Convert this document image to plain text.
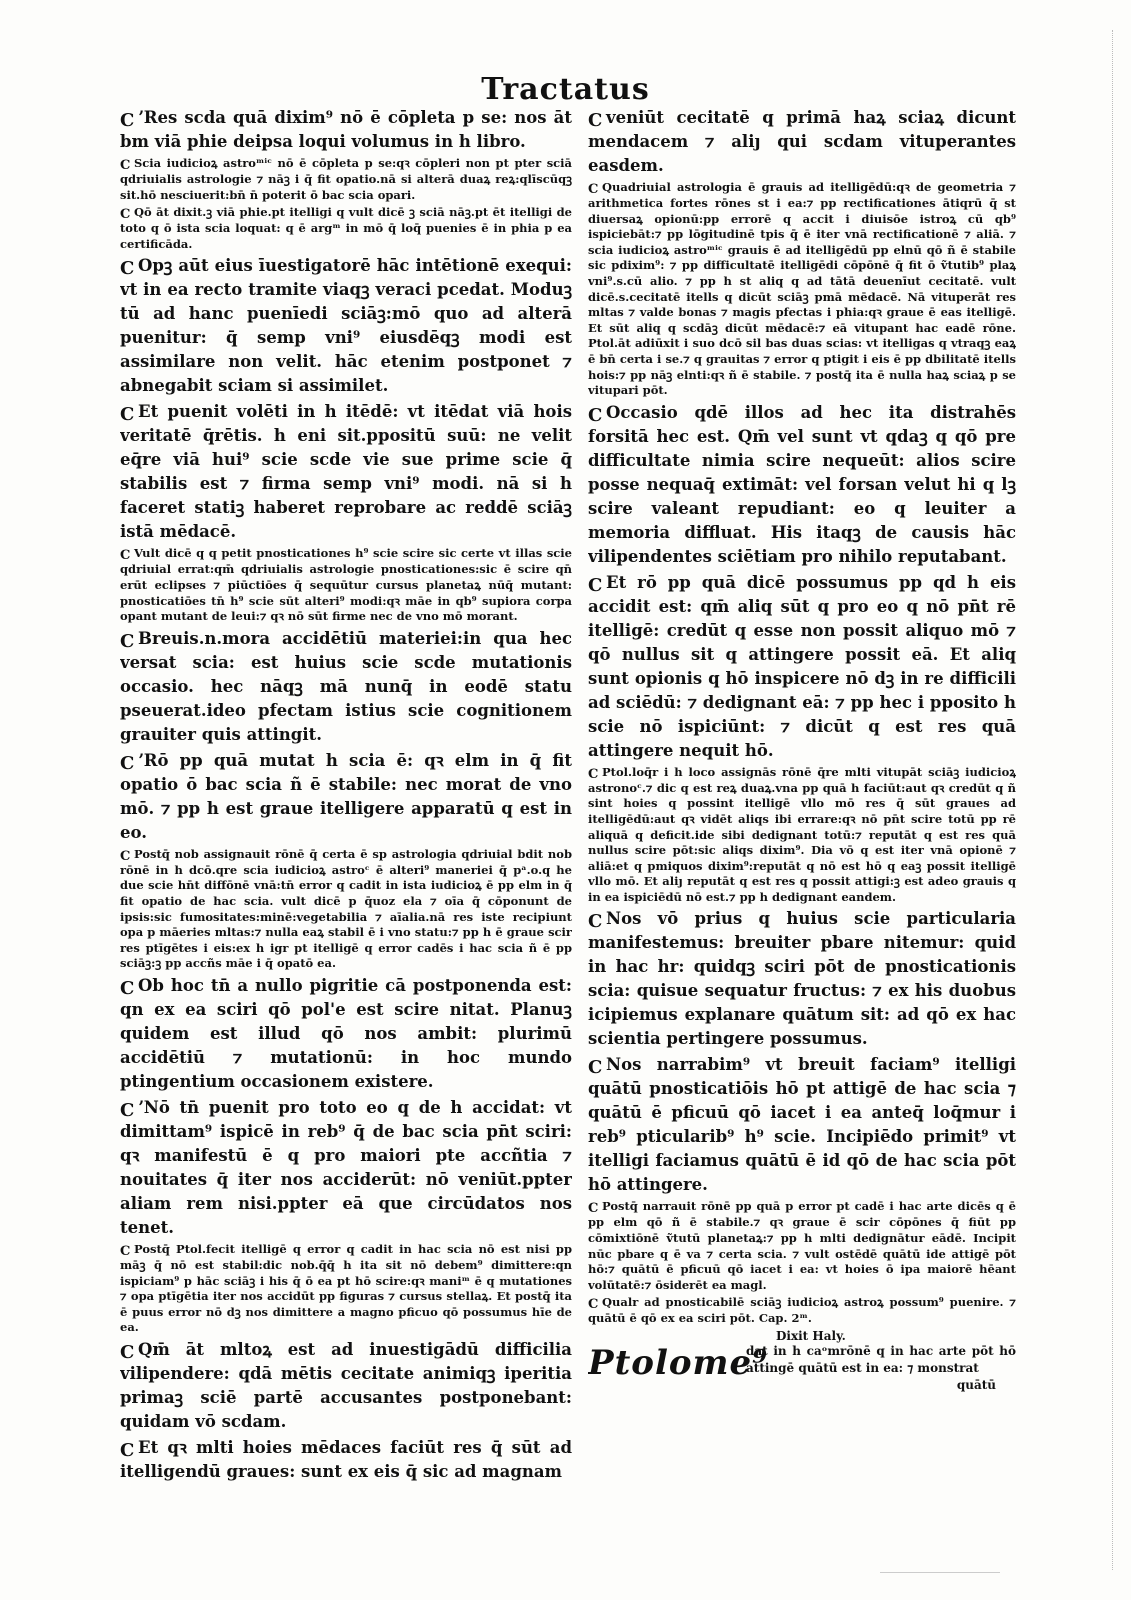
Tractatus

C ʼRes scda quā dixim⁹ nō ē cōpleta p se: nos āt bm viā phie deipsa loqui volumus in h libro.

C Scia iudicioꝝ astroᵐⁱᶜ nō ē cōpleta p se:qꝛ cōpleri non pt pter sciā qdriuialis astrologie ⁊ nāꝫ i q̄ fit opatio.nā si alterā duaꝝ reꝝ:qlīscūqꝫ sit.hō nesciuerit:bn̄ n̄ poterit ō bac scia opari.

C Qō āt dixit.ꝫ viā phie.pt itelligi q vult dicē ꝫ sciā nāꝫ.pt ēt itelligi de toto q ō ista scia loquat: q ē argᵐ in mō q̄ loq̄ puenies ē in phia p ea certificāda.

C Opꝫ aūt eius īuestigatorē hāc intētionē exequi: vt in ea recto tramite viaqꝫ veraci pcedat. Moduꝫ tū ad hanc puenīedi sciāꝫ:mō quo ad alterā puenitur: q̄ semp vni⁹ eiusdēqꝫ modi est assimilare non velit. hāc etenim postponet ⁊ abnegabit sciam si assimilet.

C Et puenit volēti in h itēdē: vt itēdat viā hois veritatē q̄rētis. h eni sit.ppositū suū: ne velit eq̄re viā hui⁹ scie scde vie sue prime scie q̄ stabilis est ⁊ firma semp vni⁹ modi. nā si h faceret statiꝫ haberet reprobare ac reddē sciāꝫ istā mēdacē.

C Vult dicē q q petit pnosticationes h⁹ scie scire sic certe vt illas scie qdriuial errat:qm̄ qdriuialis astrologie pnosticationes:sic ē scire qn̄ erūt eclipses ⁊ piūctiōes q̄ sequūtur cursus planetaꝝ nūq̄ mutant: pnosticatiōes tn̄ h⁹ scie sūt alteri⁹ modi:qꝛ māe in qb⁹ supiora corpa opant mutant de leui:⁊ qꝛ nō sūt firme nec de vno mō morant.

C Breuis.n.mora accidētiū materiei:in qua hec versat scia: est huius scie scde mutationis occasio. hec nāqꝫ mā nunq̄ in eodē statu pseuerat.ideo pfectam istius scie cognitionem grauiter quis attingit.

C ʼRō pp quā mutat h scia ē: qꝛ elm in q̄ fit opatio ō bac scia ñ ē stabile: nec morat de vno mō. ⁊ pp h est graue itelligere apparatū q est in eo.

C Postq̄ nob assignauit rōnē q̄ certa ē sp astrologia qdriuial bdit nob rōnē in h dcō.qre scia iudicioꝝ astroᶜ ē alteri⁹ maneriei q̄ pᵃ.o.q he due scie hn̄t diffōnē vnā:tn̄ error q cadit in ista iudicioꝝ ē pp elm in q̄ fit opatio de hac scia. vult dicē p q̄uoz ela ⁊ oīa q̄ cōponunt de ipsis:sic fumositates:minē:vegetabilia ⁊ aīalia.nā res iste recipiunt opa p māeries mltas:⁊ nulla eaꝝ stabil ē i vno statu:⁊ pp h ē graue scir res ptīgētes i eis:ex h igr pt itelligē q error cadēs i hac scia ñ ē pp sciāꝫ:ꝫ pp accñs māe i q̄ opatō ea.

C Ob hoc tn̄ a nullo pigritie cā postponenda est: qn ex ea sciri qō pol'e est scire nitat. Planuꝫ quidem est illud qō nos ambit: plurimū accidētiū ⁊ mutationū: in hoc mundo ptingentium occasionem existere.

C ʼNō tn̄ puenit pro toto eo q de h accidat: vt dimittam⁹ ispicē in reb⁹ q̄ de bac scia pn̄t sciri: qꝛ manifestū ē q pro maiori pte accñtia ⁊ nouitates q̄ iter nos acciderūt: nō veniūt.ppter aliam rem nisi.ppter eā que circūdatos nos tenet.

C Postq̄ Ptol.fecit itelligē q error q cadit in hac scia nō est nisi pp māꝫ q̄ nō est stabil:dic nob.q̄q̄ h ita sit nō debem⁹ dimittere:qn ispiciam⁹ p hāc sciāꝫ i his q̄ ō ea pt hō scire:qꝛ maniᵐ ē q mutationes ⁊ opa ptīgētia iter nos accidūt pp figuras ⁊ cursus stellaꝝ. Et postq̄ ita ē puus error nō dꝫ nos dimittere a magno pficuo qō possumus hīe de ea.

C Qm̄ āt mltoꝝ est ad inuestigādū difficilia vilipendere: qdā mētis cecitate animiqꝫ iperitia primaꝫ sciē partē accusantes postponebant: quidam vō scdam.

C Et qꝛ mlti hoies mēdaces faciūt res q̄ sūt ad itelligendū graues: sunt ex eis q̄ sic ad magnam

C veniūt cecitatē q primā haꝝ sciaꝝ dicunt mendacem ⁊ aliȷ qui scdam vituperantes easdem.

C Quadriuial astrologia ē grauis ad itelligēdū:qꝛ de geometria ⁊ arithmetica fortes rōnes st i ea:⁊ pp rectificationes ātiqrū q̄ st diuersaꝝ opionū:pp errorē q accit i diuisōe istroꝝ cū qb⁹ ispiciebāt:⁊ pp lōgitudinē tpis q̄ ē iter vnā rectificationē ⁊ aliā. ⁊ scia iudicioꝝ astroᵐⁱᶜ grauis ē ad itelligēdū pp elnū qō ñ ē stabile sic pdixim⁹: ⁊ pp difficultatē itelligēdi cōpōnē q̄ fit ō ṽtutib⁹ plaꝝ vni⁹.s.cū alio. ⁊ pp h st aliq q ad tātā deuenīut cecitatē. vult dicē.s.cecitatē itells q dicūt sciāꝫ pmā mēdacē. Nā vituperāt res mltas ⁊ valde bonas ⁊ magis pfectas i phia:qꝛ graue ē eas itelligē. Et sūt aliq q scdāꝫ dicūt mēdacē:⁊ eā vitupant hac eadē rōne. Ptol.āt adiūxit i suo dcō sil bas duas scias: vt itelligas q vtraqꝫ eaꝝ ē bn̄ certa i se.⁊ q grauitas ⁊ error q ptigit i eis ē pp dbilitatē itells hois:⁊ pp nāꝫ elnti:qꝛ ñ ē stabile. ⁊ postq̄ ita ē nulla haꝝ sciaꝝ p se vitupari pōt.

C Occasio qdē illos ad hec ita distrahēs forsitā hec est. Qm̄ vel sunt vt qdaꝫ q qō pre difficultate nimia scire nequeūt: alios scire posse nequaq̄ extimāt: vel forsan velut hi q lꝫ scire valeant repudiant: eo q leuiter a memoria diffluat. His itaqꝫ de causis hāc vilipendentes sciētiam pro nihilo reputabant.

C Et rō pp quā dicē possumus pp qd h eis accidit est: qm̄ aliq sūt q pro eo q nō pn̄t rē itelligē: credūt q esse non possit aliquo mō ⁊ qō nullus sit q attingere possit eā. Et aliq sunt opionis q hō inspicere nō dꝫ in re difficili ad sciēdū: ⁊ dedignant eā: ⁊ pp hec i pposito h scie nō ispiciūnt: ⁊ dicūt q est res quā attingere nequit hō.

C Ptol.loq̄r i h loco assignās rōnē q̄re mlti vitupāt sciāꝫ iudicioꝝ astronoᶜ.⁊ dic q est reꝝ duaꝝ.vna pp quā h faciūt:aut qꝛ credūt q ñ sint hoies q possint itelligē vllo mō res q̄ sūt graues ad itelligēdū:aut qꝛ vidēt aliqs ibi errare:qꝛ nō pn̄t scire totū pp rē aliquā q deficit.ide sibi dedignant totū:⁊ reputāt q est res quā nullus scire pōt:sic aliqs dixim⁹. Dia vō q est iter vnā opionē ⁊ aliā:et q pmiquos dixim⁹:reputāt q nō est hō q eaꝫ possit itelligē vllo mō. Et aliȷ reputāt q est res q possit attigi:ꝫ est adeo grauis q in ea ispiciēdū nō est.⁊ pp h dedignant eandem.

C Nos vō prius q huius scie particularia manifestemus: breuiter pbare nitemur: quid in hac hr: quidqꝫ sciri pōt de pnosticationis scia: quisue sequatur fructus: ⁊ ex his duobus icipiemus explanare quātum sit: ad qō ex hac scientia pertingere possumus.

C Nos narrabim⁹ vt breuit faciam⁹ itelligi quātū pnosticatiōis hō pt attigē de hac scia ⁊ quātū ē pficuū qō iacet i ea anteq̄ loq̄mur i reb⁹ pticularib⁹ h⁹ scie. Incipiēdo primit⁹ vt itelligi faciamus quātū ē id qō de hac scia pōt hō attingere.

C Postq̄ narrauit rōnē pp quā p error pt cadē i hac arte dicēs q ē pp elm qō ñ ē stabile.⁊ qꝛ graue ē scir cōpōnes q̄ fiūt pp cōmixtiōnē ṽtutū planetaꝝ:⁊ pp h mlti dedignātur eādē. Incipit nūc pbare q ē va ⁊ certa scia. ⁊ vult ostēdē quātū ide attigē pōt hō:⁊ quātū ē pficuū qō iacet i ea: vt hoies ō ipa maiorē hēant volūtatē:⁊ ōsiderēt ea magl.

C Qualr ad pnosticabilē sciāꝫ iudicioꝝ astroꝝ possum⁹ puenire. ⁊ quātū ē qō ex ea sciri pōt. Cap. 2ᵐ.

Dixit Haly.
Ptolome⁹
dat in h caᵒmrōnē q in hac arte pōt hō attingē quātū est in ea: ⁊ monstrat
quātū
